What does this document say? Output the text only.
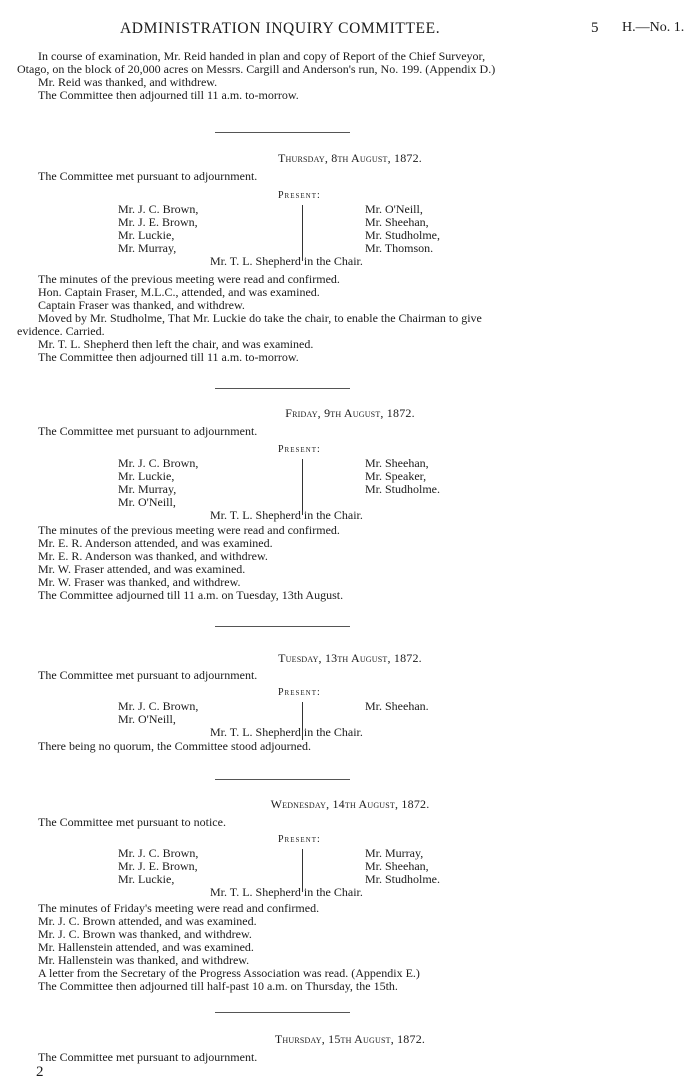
ADMINISTRATION INQUIRY COMMITTEE.	5 H.—No. 1.
In course of examination, Mr. Reid handed in plan and copy of Report of the Chief Surveyor,
Otago, on the block of 20,000 acres on Messrs. Cargill and Anderson's run, No. 199. (Appendix D.)
Mr. Reid was thanked, and withdrew.
The Committee then adjourned till 11 a.m. to-morrow.
Thursday, 8th August, 1872.
The Committee met pursuant to adjournment.
Present:
Mr. J. C. Brown,
Mr. J. E. Brown,
Mr. Luckie,
Mr. Murray,
Mr. O'Neill,
Mr. Sheehan,
Mr. Studholme,
Mr. Thomson.
Mr. T. L. Shepherd in the Chair.
The minutes of the previous meeting were read and confirmed.
Hon. Captain Fraser, M.L.C., attended, and was examined.
Captain Fraser was thanked, and withdrew.
Moved by Mr. Studholme, That Mr. Luckie do take the chair, to enable the Chairman to give
evidence. Carried.
Mr. T. L. Shepherd then left the chair, and was examined.
The Committee then adjourned till 11 a.m. to-morrow.
Friday, 9th August, 1872.
The Committee met pursuant to adjournment.
Present:
Mr. J. C. Brown,
Mr. Luckie,
Mr. Murray,
Mr. O'Neill,
Mr. Sheehan,
Mr. Speaker,
Mr. Studholme.
Mr. T. L. Shepherd in the Chair.
The minutes of the previous meeting were read and confirmed.
Mr. E. R. Anderson attended, and was examined.
Mr. E. R. Anderson was thanked, and withdrew.
Mr. W. Fraser attended, and was examined.
Mr. W. Fraser was thanked, and withdrew.
The Committee adjourned till 11 a.m. on Tuesday, 13th August.
Tuesday, 13th August, 1872.
The Committee met pursuant to adjournment.
Present:
Mr. J. C. Brown,
Mr. O'Neill,
Mr. Sheehan.
Mr. T. L. Shepherd in the Chair.
There being no quorum, the Committee stood adjourned.
Wednesday, 14th August, 1872.
The Committee met pursuant to notice.
Present:
Mr. J. C. Brown,
Mr. J. E. Brown,
Mr. Luckie,
Mr. Murray,
Mr. Sheehan,
Mr. Studholme.
Mr. T. L. Shepherd in the Chair.
The minutes of Friday's meeting were read and confirmed.
Mr. J. C. Brown attended, and was examined.
Mr. J. C. Brown was thanked, and withdrew.
Mr. Hallenstein attended, and was examined.
Mr. Hallenstein was thanked, and withdrew.
A letter from the Secretary of the Progress Association was read. (Appendix E.)
The Committee then adjourned till half-past 10 a.m. on Thursday, the 15th.
Thursday, 15th August, 1872.
The Committee met pursuant to adjournment.
2
